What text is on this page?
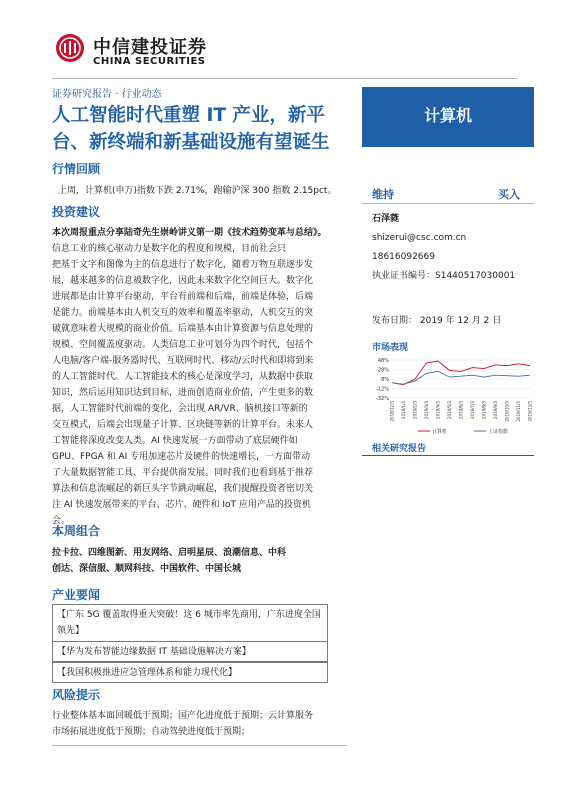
中信建投证券
CHINA SECURITIES
证券研究报告 · 行业动态
人工智能时代重塑 IT 产业，新平
台、新终端和新基础设施有望诞生
计算机
行情回顾
上周，计算机(申万)指数下跌 2.71%，跑输沪深 300 指数 2.15pct。
投资建议
本次周报重点分享陆奇先生崇岭讲义第一期《技术趋势变革与总结》。
信息工业的核心驱动力是数字化的程度和规模，目前社会只
把基于文字和图像为主的信息进行了数字化，随着万物互联逐步发
展，越来越多的信息被数字化，因此未来数字化空间巨大。数字化
进展都是由计算平台驱动，平台有前端和后端，前端是体验，后端
是能力。前端基本由人机交互的效率和覆盖率驱动，人机交互的突
破就意味着大规模的商业价值。后端基本由计算资源与信息处理的
规模、空间覆盖度驱动。人类信息工业可划分为四个时代，包括个
人电脑/客户端-服务器时代、互联网时代、移动/云时代和即将到来
的人工智能时代。人工智能技术的核心是深度学习，从数据中获取
知识，然后运用知识达到目标，进而创造商业价值，产生更多的数
据，人工智能时代前端的变化，会出现 AR/VR、脑机接口等新的
交互模式，后端会出现量子计算、区块链等新的计算平台。未来人
工智能将深度改变人类。AI 快速发展一方面带动了底层硬件如
GPU、FPGA 和 AI 专用加速芯片及硬件的快速增长，一方面带动
了大量数据智能工具、平台提供商发展。同时我们也看到基于推荐
算法和信息流崛起的新巨头字节跳动崛起，我们提醒投资者密切关
注 AI 快速发展带来的平台、芯片、硬件和 IoT 应用产品的投资机
会。
本周组合
拉卡拉、四维图新、用友网络、启明星辰、浪潮信息、中科
创达、深信服、顺网科技、中国软件、中国长城
产业要闻
【广东 5G 覆盖取得重大突破！这 6 城市率先商用，广东进度全国
领先】
【华为发布智能边缘数据 IT 基础设施解决方案】
【我国积极推进应急管理体系和能力现代化】
风险提示
行业整体基本面回暖低于预期；国产化进度低于预期；云计算服务
市场拓展进度低于预期；自动驾驶进度低于预期；
维持	买入
石泽蕤
shizerui@csc.com.cn
18616092669
执业证书编号：S1440517030001
发布日期： 2019 年 12 月 2 日
市场表现
48%
28%
8%
-12%
-32%
2018/12/3 2019/1/3 2019/2/3 2019/3/3 2019/4/3 2019/5/3 2019/6/3 2019/7/3 2019/8/3 2019/9/3 2019/10/3 2019/11/3 2019/12/3
计算机	上证指数
相关研究报告
